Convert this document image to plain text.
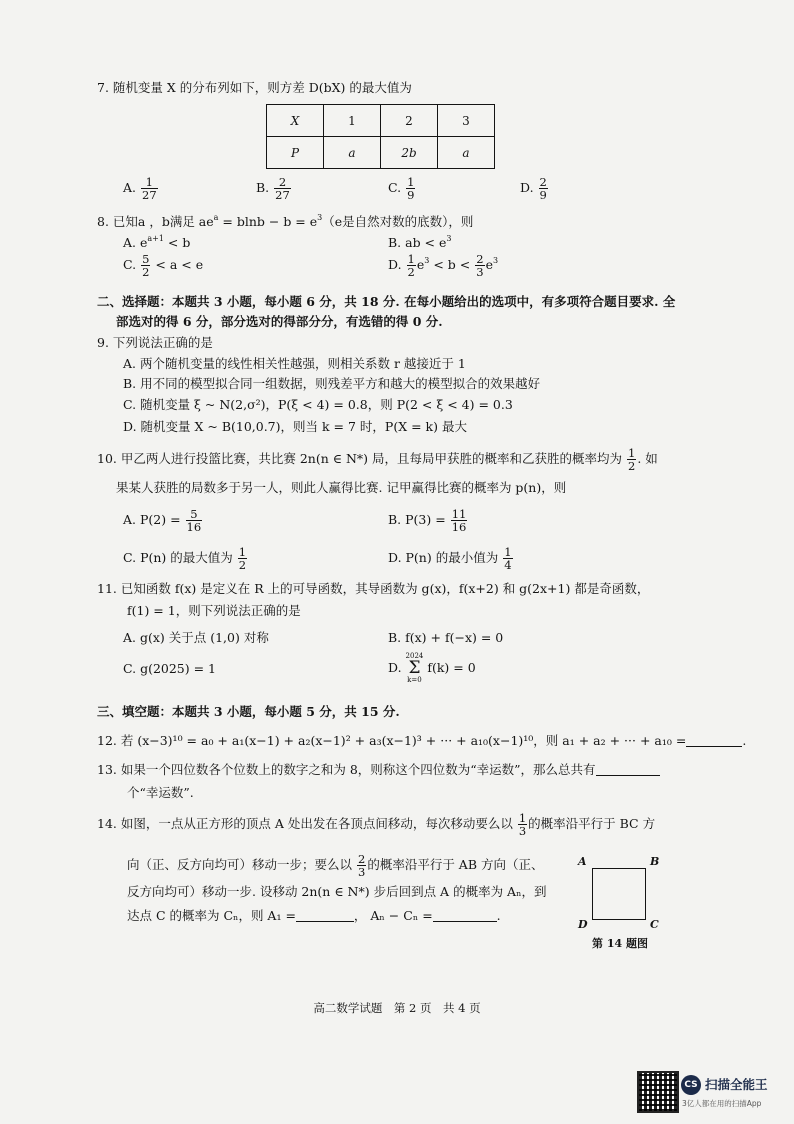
7. 随机变量 X 的分布列如下，则方差 D(bX) 的最大值为
X	1	2	3
P	a	2b	a
A. $\frac{1}{27}$	B. $\frac{2}{27}$	C. $\frac{1}{9}$	D. $\frac{2}{9}$
8. 已知a ，b满足 $ae^a = blnb - b = e^3(e$是自然对数的底数），则
A. $e^{a+1} < b$	B. ab < $e^3$
C. $\frac{5}{2} < a < e$	D. $\frac{1}{2} e^3 < b < \frac{2}{3} e^3$
二、选择题：本题共 3 小题，每小题 6 分，共 18 分. 在每小题给出的选项中，有多项符合题目要求. 全
部选对的得 6 分，部分选对的得部分分，有选错的得 0 分.
9. 下列说法正确的是
A. 两个随机变量的线性相关性越强，则相关系数 r 越接近于 1
B. 用不同的模型拟合同一组数据，则残差平方和越大的模型拟合的效果越好
C. 随机变量 ξ ~ N(2,σ²)，P(ξ < 4) = 0.8，则 P(2 < ξ < 4) = 0.3
D. 随机变量 X ~ B(10,0.7)，则当 k = 7 时，P(X = k) 最大
10. 甲乙两人进行投篮比赛，共比赛 2n(n ∈ N*) 局，且每局甲获胜的概率和乙获胜的概率均为 $\frac{1}{2}$ . 如
果某人获胜的局数多于另一人，则此人赢得比赛. 记甲赢得比赛的概率为 p(n)，则
A. $P(2) = \frac{5}{16}$	B. $P(3) = \frac{11}{16}$
C. P(n) 的最大值为 $\frac{1}{2}$	D. P(n) 的最小值为 $\frac{1}{4}$
11. 已知函数 f(x) 是定义在 R 上的可导函数，其导函数为 g(x)，f(x+2) 和 g(2x+1) 都是奇函数，
f(1) = 1，则下列说法正确的是
A. g(x) 关于点 (1,0) 对称	B. f(x) + f(−x) = 0
C. g(2025) = 1	D.
2024
Σ
k=0
f(k) = 0
三、填空题：本题共 3 小题，每小题 5 分，共 15 分.
12. 若 (x−3)¹⁰ = a₀ + a₁(x−1) + a₂(x−1)² + a₃(x−1)³ + ··· + a₁₀(x−1)¹⁰，则 a₁ + a₂ + ··· + a₁₀ =	.
13. 如果一个四位数各个位数上的数字之和为 8，则称这个四位数为“幸运数”，那么总共有
个“幸运数”.
14. 如图，一点从正方形的顶点 A 处出发在各顶点间移动，每次移动要么以 $\frac{1}{3}$ 的概率沿平行于 BC 方
向（正、反方向均可）移动一步；要么以 $\frac{2}{3}$ 的概率沿平行于 AB 方向（正、
反方向均可）移动一步. 设移动 2n(n ∈ N*) 步后回到点 A 的概率为 Aₙ，到
达点 C 的概率为 Cₙ，则 A₁ =	， Aₙ − Cₙ =	.
A	B
C
D
第 14 题图
高二数学试题　第 2 页　共 4 页
CS 扫描全能王
3亿人都在用的扫描App
